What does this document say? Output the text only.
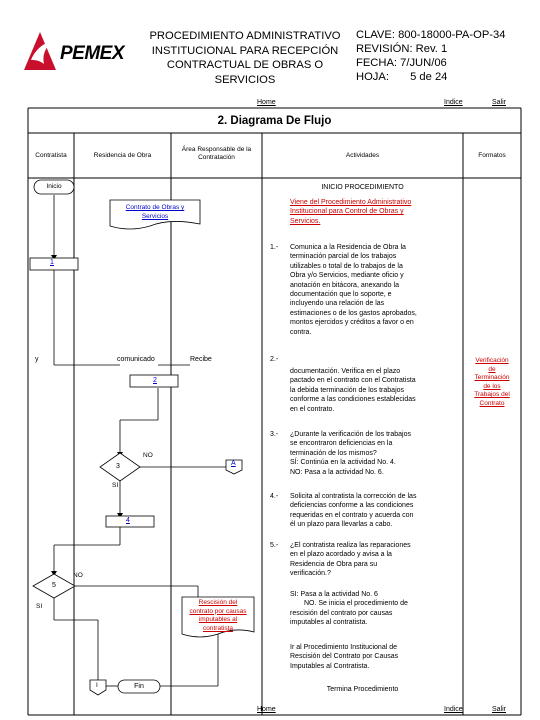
PEMEX
PROCEDIMIENTO ADMINISTRATIVO
INSTITUCIONAL PARA RECEPCIÓN
CONTRACTUAL DE OBRAS O
SERVICIOS
CLAVE: 800-18000-PA-OP-34
REVISIÓN: Rev. 1
FECHA: 7/JUN/06
HOJA: 5 de 24
Home	Indice	Salir
2. Diagrama De Flujo
Contratista	Residencia de Obra
Área Responsable de la
Contratación	Actividades	Formatos
Inicio
Contrato de Obras y
Servicios
1
2
4
3
5
A
y	comunicado	Recibe
NO
SI
NO
SI
Rescisión del
contrato por causas
imputables al
contratista
I	Fin
INICIO PROCEDIMIENTO
Viene del Procedimiento Administrativo
Institucional para Control de Obras y
Servicios.
1.- Comunica a la Residencia de Obra la
terminación parcial de los trabajos
utilizables o total de lo trabajos de la
Obra y/o Servicios, mediante oficio y
anotación en bitácora, anexando la
documentación que lo soporte, e
incluyendo una relación de las
estimaciones o de los gastos aprobados,
montos ejercidos y créditos a favor o en
contra.
2.-
documentación. Verifica en el plazo
pactado en el contrato con el Contratista
la debida terminación de los trabajos
conforme a las condiciones establecidas
en el contrato.
3.- ¿Durante la verificación de los trabajos
se encontraron deficiencias en la
terminación de los mismos?
SÍ: Continúa en la actividad No. 4.
NO: Pasa a la actividad No. 6.
4.- Solicita al contratista la corrección de las
deficiencias conforme a las condiciones
requeridas en el contrato y acuerda con
él un plazo para llevarlas a cabo.
5.- ¿El contratista realiza las reparaciones
en el plazo acordado y avisa a la
Residencia de Obra para su
verificación.?
SI: Pasa a la actividad No. 6
NO. Se inicia el procedimiento de
rescisión del contrato por causas
imputables al contratista.
Ir al Procedimiento Institucional de
Rescisión del Contrato por Causas
Imputables al Contratista.
Termina Procedimiento
Verificación
de
Terminación
de los
Trabajos del
Contrato
Home	Indice	Salir
